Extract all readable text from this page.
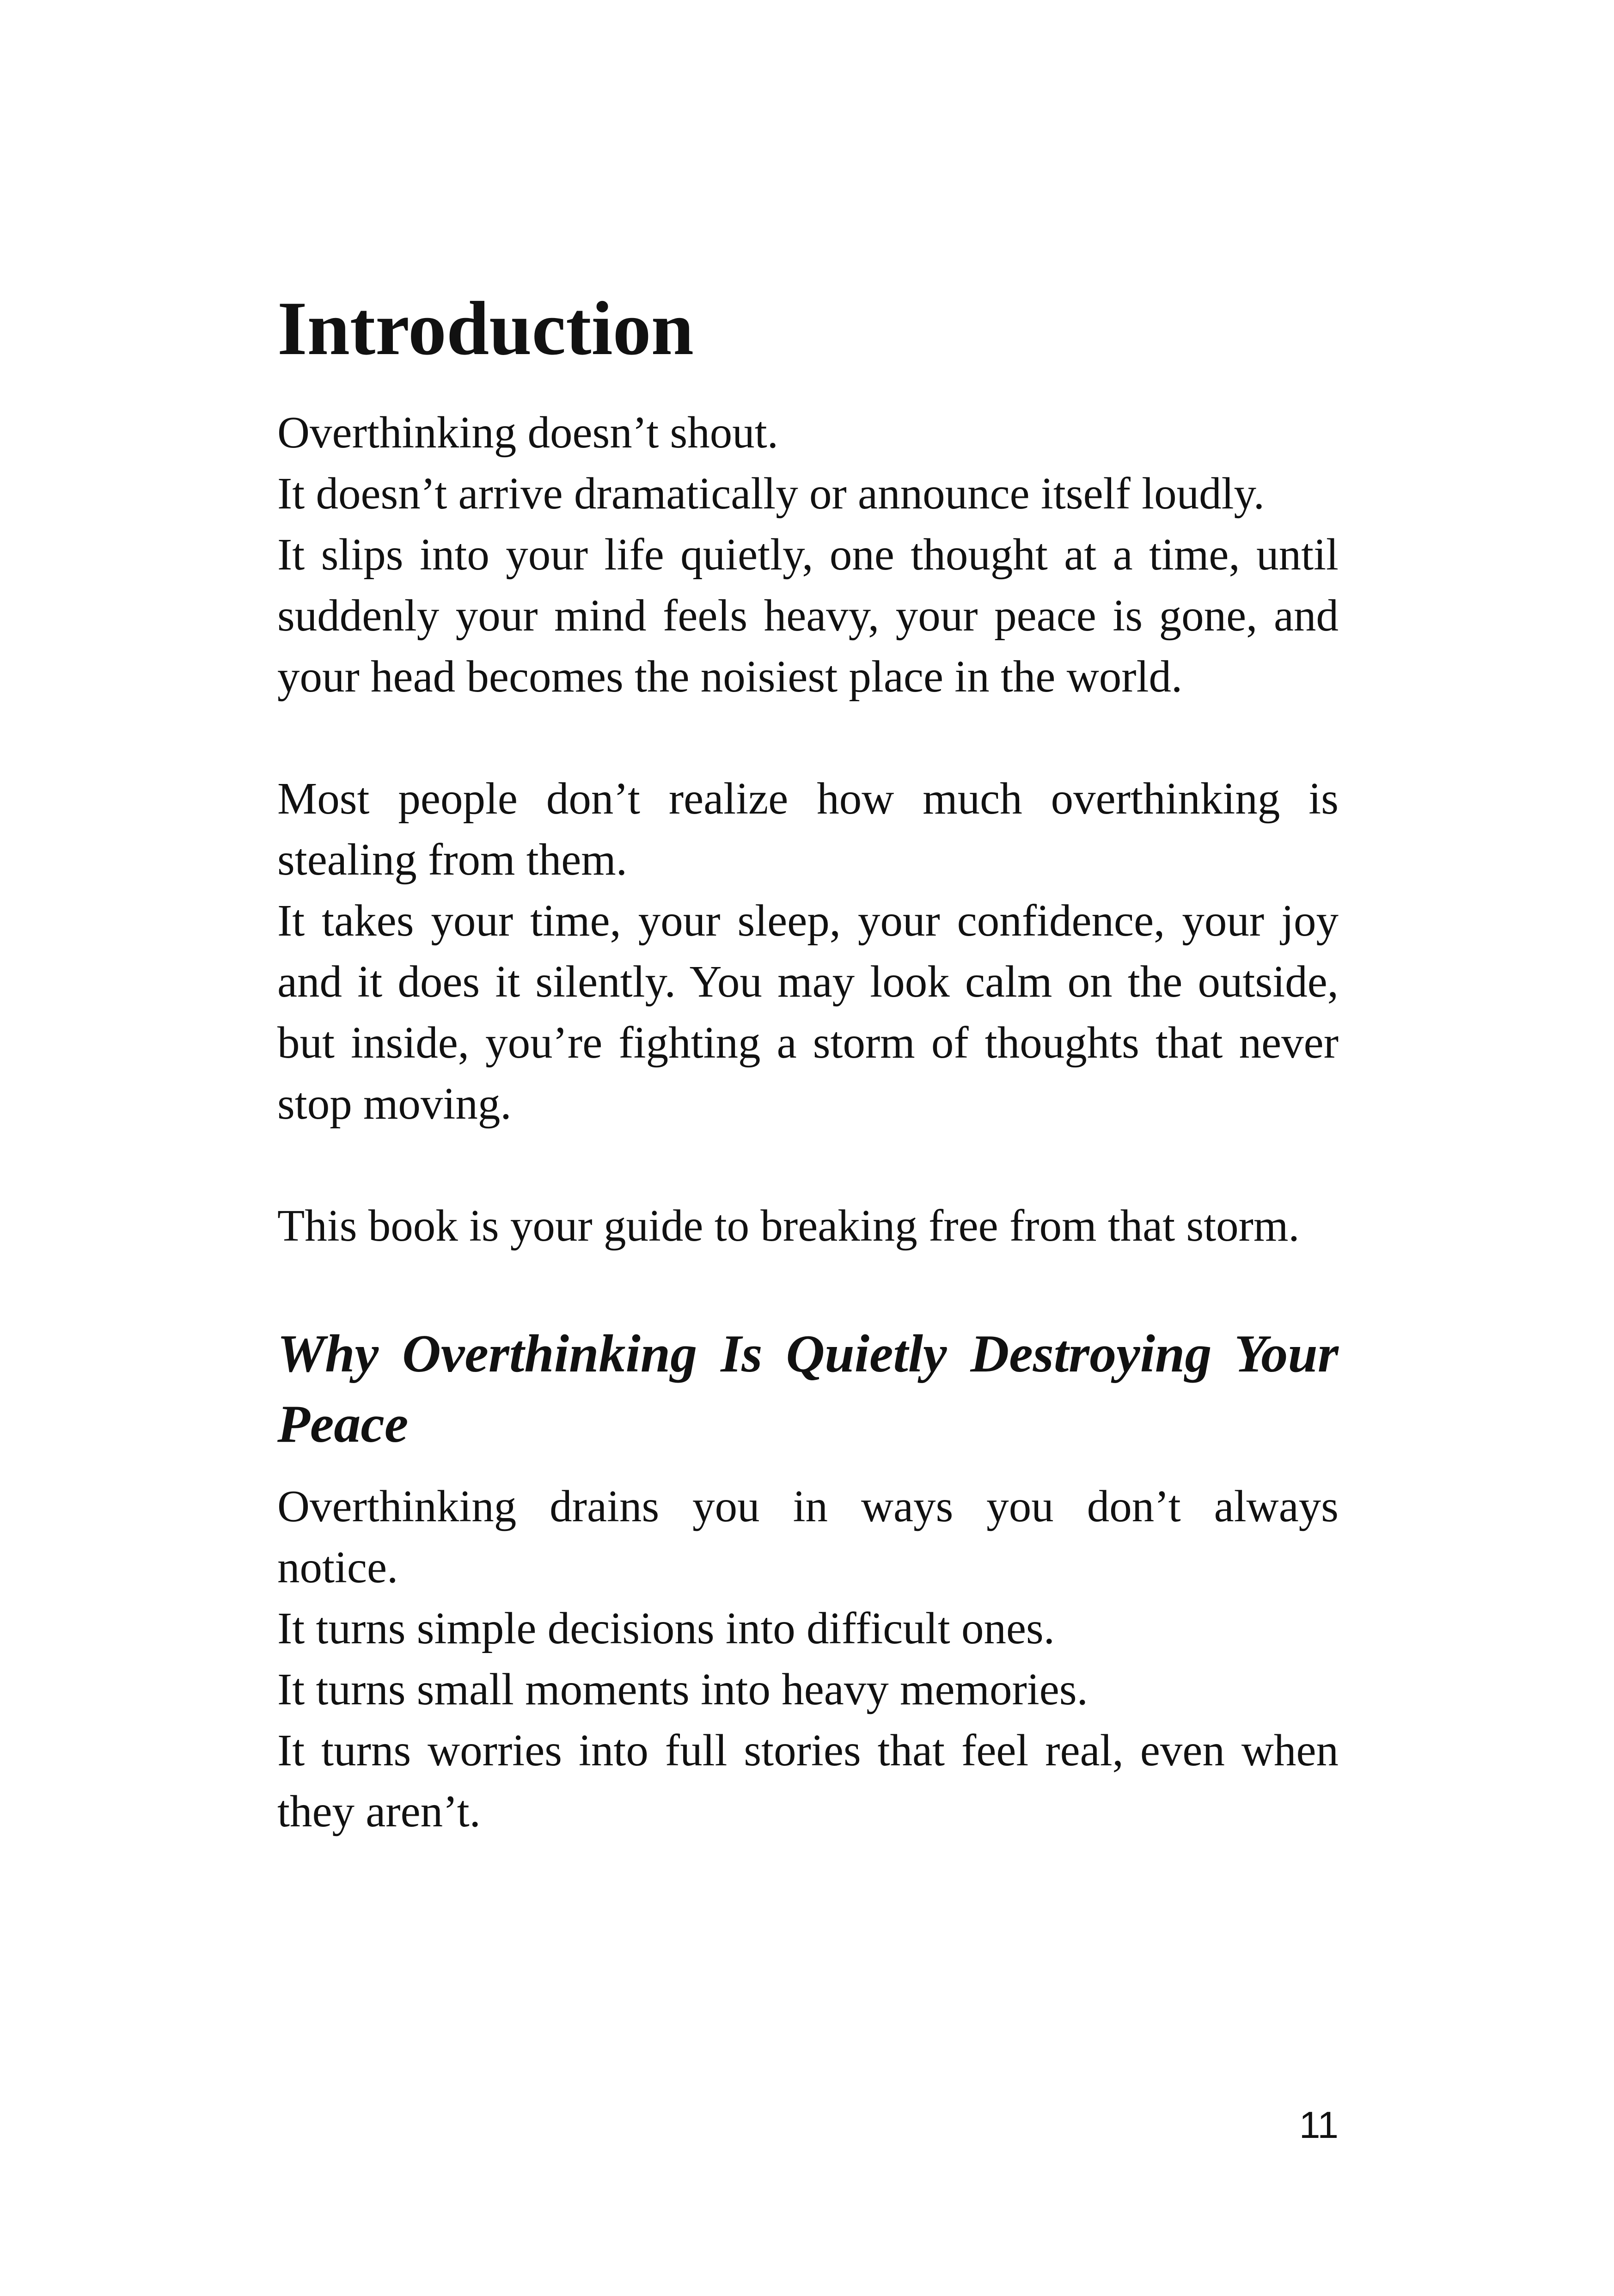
Introduction
Overthinking doesn’t shout.
It doesn’t arrive dramatically or announce itself loudly.
It slips into your life quietly, one thought at a time, until
suddenly your mind feels heavy, your peace is gone, and
your head becomes the noisiest place in the world.
Most people don’t realize how much overthinking is
stealing from them.
It takes your time, your sleep, your confidence, your joy
and it does it silently. You may look calm on the outside,
but inside, you’re fighting a storm of thoughts that never
stop moving.
This book is your guide to breaking free from that storm.
Why Overthinking Is Quietly Destroying Your
Peace
Overthinking drains you in ways you don’t always
notice.
It turns simple decisions into difficult ones.
It turns small moments into heavy memories.
It turns worries into full stories that feel real, even when
they aren’t.
11
